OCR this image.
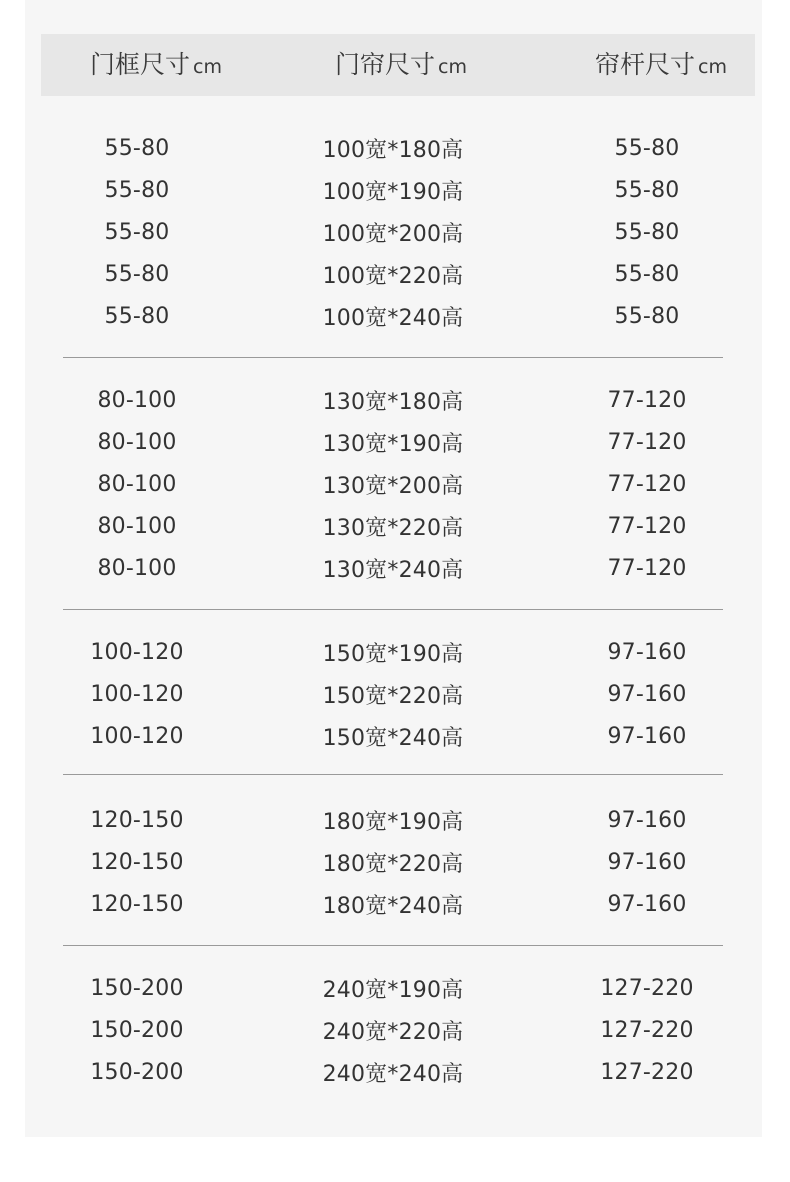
门框尺寸 cm	门帘尺寸 cm	帘杆尺寸 cm
55-80	100宽*180高	55-80
55-80	100宽*190高	55-80
55-80	100宽*200高	55-80
55-80	100宽*220高	55-80
55-80	100宽*240高	55-80
80-100	130宽*180高	77-120
80-100	130宽*190高	77-120
80-100	130宽*200高	77-120
80-100	130宽*220高	77-120
80-100	130宽*240高	77-120
100-120	150宽*190高	97-160
100-120	150宽*220高	97-160
100-120	150宽*240高	97-160
120-150	180宽*190高	97-160
120-150	180宽*220高	97-160
120-150	180宽*240高	97-160
150-200	240宽*190高	127-220
150-200	240宽*220高	127-220
150-200	240宽*240高	127-220
